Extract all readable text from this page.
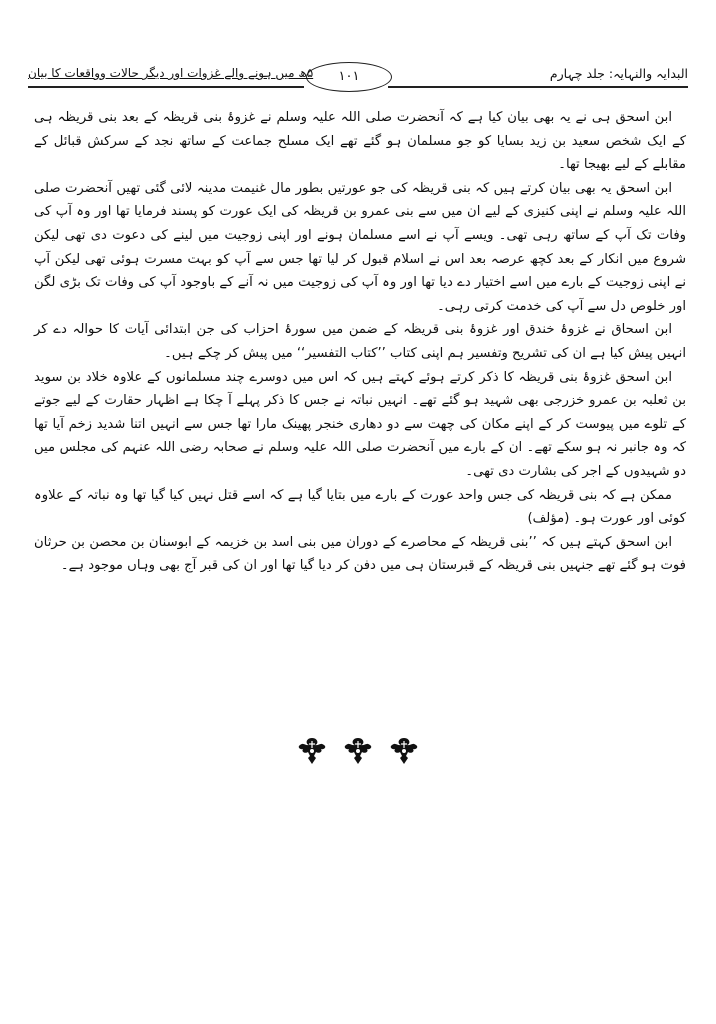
البدایہ والنہایہ: جلد چہارم
۱۰۱
۵ھ میں ہونے والے غزوات اور دیگر حالات وواقعات کا بیان

ابن اسحق ہی نے یہ بھی بیان کیا ہے کہ آنحضرت صلی اللہ علیہ وسلم نے غزوۂ بنی قریظہ کے بعد بنی قریظہ ہی کے ایک شخص سعید بن زید بسایا کو جو مسلمان ہو گئے تھے ایک مسلح جماعت کے ساتھ نجد کے سرکش قبائل کے مقابلے کے لیے بھیجا تھا۔

ابن اسحق یہ بھی بیان کرتے ہیں کہ بنی قریظہ کی جو عورتیں بطور مال غنیمت مدینہ لائی گئی تھیں آنحضرت صلی اللہ علیہ وسلم نے اپنی کنیزی کے لیے ان میں سے بنی عمرو بن قریظہ کی ایک عورت کو پسند فرمایا تھا اور وہ آپ کی وفات تک آپ کے ساتھ رہی تھی۔ ویسے آپ نے اسے مسلمان ہونے اور اپنی زوجیت میں لینے کی دعوت دی تھی لیکن شروع میں انکار کے بعد کچھ عرصہ بعد اس نے اسلام قبول کر لیا تھا جس سے آپ کو بہت مسرت ہوئی تھی لیکن آپ نے اپنی زوجیت کے بارے میں اسے اختیار دے دیا تھا اور وہ آپ کی زوجیت میں نہ آنے کے باوجود آپ کی وفات تک بڑی لگن اور خلوص دل سے آپ کی خدمت کرتی رہی۔

ابن اسحاق نے غزوۂ خندق اور غزوۂ بنی قریظہ کے ضمن میں سورۂ احزاب کی جن ابتدائی آیات کا حوالہ دے کر انہیں پیش کیا ہے ان کی تشریح وتفسیر ہم اپنی کتاب ’’کتاب التفسیر‘‘ میں پیش کر چکے ہیں۔

ابن اسحق غزوۂ بنی قریظہ کا ذکر کرتے ہوئے کہتے ہیں کہ اس میں دوسرے چند مسلمانوں کے علاوہ خلاد بن سوید بن ثعلبہ بن عمرو خزرجی بھی شہید ہو گئے تھے۔ انہیں نباتہ نے جس کا ذکر پہلے آ چکا ہے اظہار حقارت کے لیے جوتے کے تلوے میں پیوست کر کے اپنے مکان کی چھت سے دو دھاری خنجر پھینک مارا تھا جس سے انہیں اتنا شدید زخم آیا تھا کہ وہ جانبر نہ ہو سکے تھے۔ ان کے بارے میں آنحضرت صلی اللہ علیہ وسلم نے صحابہ رضی اللہ عنہم کی مجلس میں دو شہیدوں کے اجر کی بشارت دی تھی۔

ممکن ہے کہ بنی قریظہ کی جس واحد عورت کے بارے میں بتایا گیا ہے کہ اسے قتل نہیں کیا گیا تھا وہ نباتہ کے علاوہ کوئی اور عورت ہو۔ (مؤلف)

ابن اسحق کہتے ہیں کہ ’’بنی قریظہ کے محاصرے کے دوران میں بنی اسد بن خزیمہ کے ابوسنان بن محصن بن حرثان فوت ہو گئے تھے جنہیں بنی قریظہ کے قبرستان ہی میں دفن کر دیا گیا تھا اور ان کی قبر آج بھی وہاں موجود ہے۔
